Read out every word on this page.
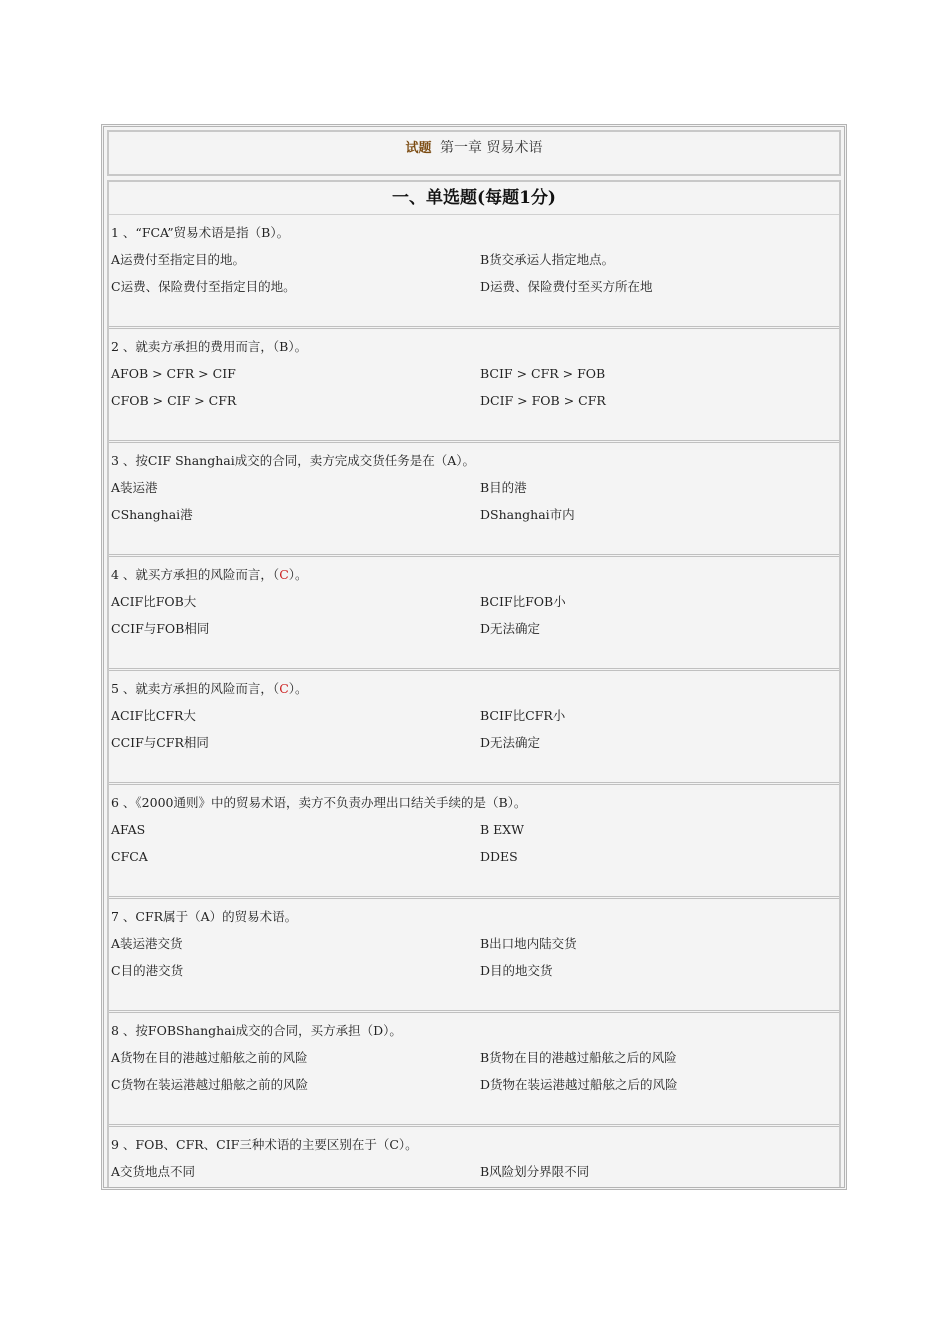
试题 第一章 贸易术语
一、单选题(每题1分)
1 、“FCA”贸易术语是指（B）。
A运费付至指定目的地。	B货交承运人指定地点。
C运费、保险费付至指定目的地。	D运费、保险费付至买方所在地
2 、就卖方承担的费用而言，（B）。
AFOB > CFR > CIF	BCIF > CFR > FOB
CFOB > CIF > CFR	DCIF > FOB > CFR
3 、按CIF Shanghai成交的合同，卖方完成交货任务是在（A）。
A装运港	B目的港
CShanghai港	DShanghai市内
4 、就买方承担的风险而言，（C）。
ACIF比FOB大	BCIF比FOB小
CCIF与FOB相同	D无法确定
5 、就卖方承担的风险而言，（C）。
ACIF比CFR大	BCIF比CFR小
CCIF与CFR相同	D无法确定
6 、《2000通则》中的贸易术语，卖方不负责办理出口结关手续的是（B）。
AFAS	B EXW
CFCA	DDES
7 、CFR属于（A）的贸易术语。
A装运港交货	B出口地内陆交货
C目的港交货	D目的地交货
8 、按FOBShanghai成交的合同，买方承担（D）。
A货物在目的港越过船舷之前的风险	B货物在目的港越过船舷之后的风险
C货物在装运港越过船舷之前的风险	D货物在装运港越过船舷之后的风险
9 、FOB、CFR、CIF三种术语的主要区别在于（C）。
A交货地点不同	B风险划分界限不同
